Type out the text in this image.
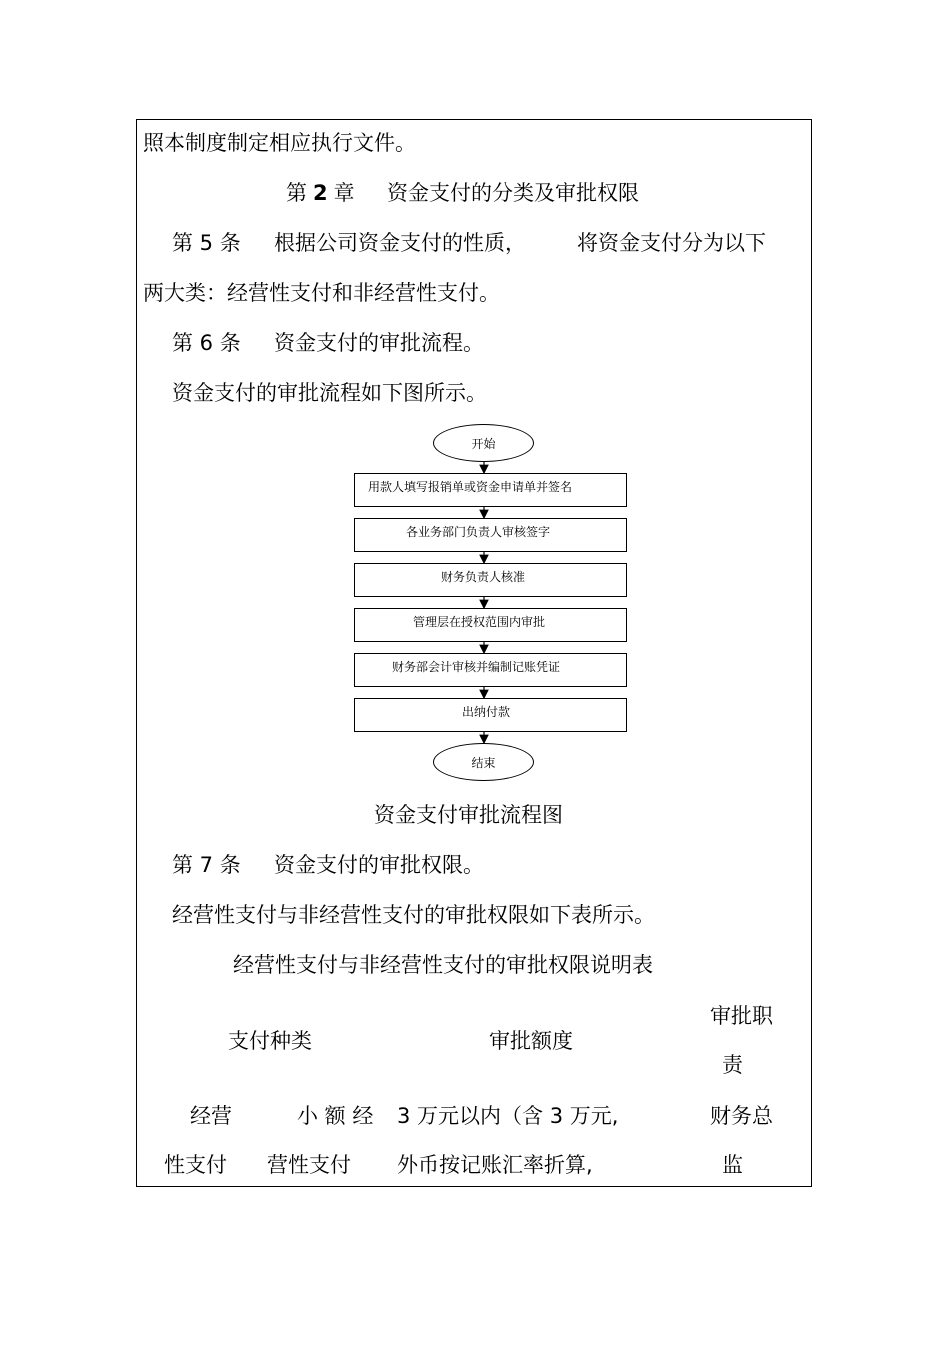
照本制度制定相应执行文件。
第 2 章 资金支付的分类及审批权限
第 5 条 根据公司资金支付的性质， 将资金支付分为以下
两大类：经营性支付和非经营性支付。
第 6 条 资金支付的审批流程。
资金支付的审批流程如下图所示。
开始
用款人填写报销单或资金申请单并签名
各业务部门负责人审核签字
财务负责人核准
管理层在授权范围内审批
财务部会计审核并编制记账凭证
出纳付款
结束
资金支付审批流程图
第 7 条 资金支付的审批权限。
经营性支付与非经营性支付的审批权限如下表所示。
经营性支付与非经营性支付的审批权限说明表
支付种类	审批额度
审批职
责
经营
性支付
小 额 经
营性支付
3 万元以内（含 3 万元,
外币按记账汇率折算,
财务总
监
